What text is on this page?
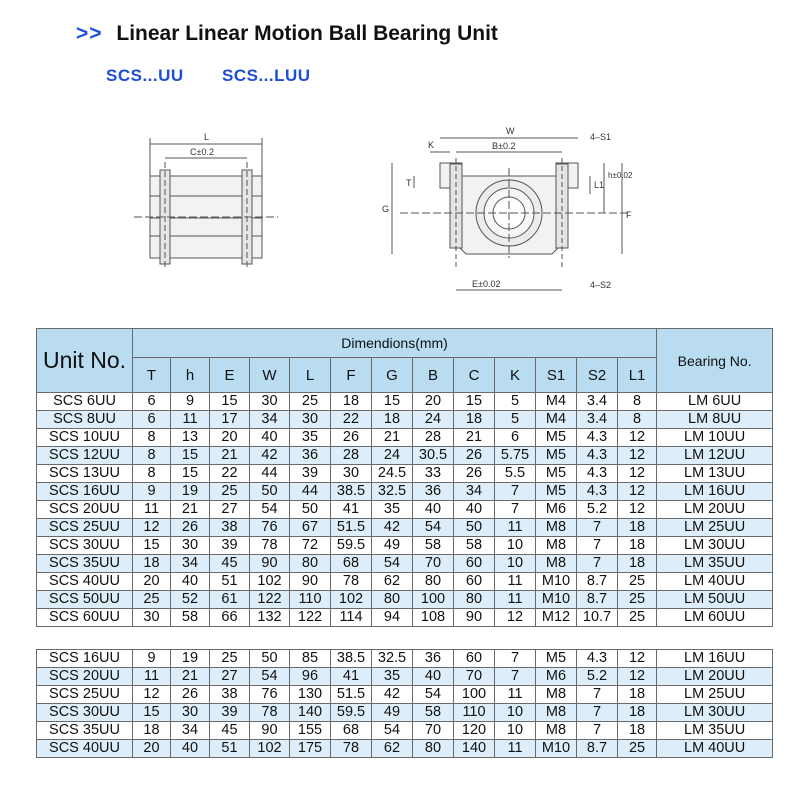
>> Linear Linear Motion Ball Bearing Unit
SCS...UU SCS...LUU
L
C±0.2
W
K	B±0.2
4–S1
T
G
L1
h±0.02
F
E±0.02	4–S2
Unit No.	Dimendions(mm)													Bearing No.
	T	h	E	W	L	F	G	B	C	K	S1	S2	L1	
SCS 6UU	6	9	15	30	25	18	15	20	15	5	M4	3.4	8	LM 6UU
SCS 8UU	6	11	17	34	30	22	18	24	18	5	M4	3.4	8	LM 8UU
SCS 10UU	8	13	20	40	35	26	21	28	21	6	M5	4.3	12	LM 10UU
SCS 12UU	8	15	21	42	36	28	24	30.5	26	5.75	M5	4.3	12	LM 12UU
SCS 13UU	8	15	22	44	39	30	24.5	33	26	5.5	M5	4.3	12	LM 13UU
SCS 16UU	9	19	25	50	44	38.5	32.5	36	34	7	M5	4.3	12	LM 16UU
SCS 20UU	11	21	27	54	50	41	35	40	40	7	M6	5.2	12	LM 20UU
SCS 25UU	12	26	38	76	67	51.5	42	54	50	11	M8	7	18	LM 25UU
SCS 30UU	15	30	39	78	72	59.5	49	58	58	10	M8	7	18	LM 30UU
SCS 35UU	18	34	45	90	80	68	54	70	60	10	M8	7	18	LM 35UU
SCS 40UU	20	40	51	102	90	78	62	80	60	11	M10	8.7	25	LM 40UU
SCS 50UU	25	52	61	122	110	102	80	100	80	11	M10	8.7	25	LM 50UU
SCS 60UU	30	58	66	132	122	114	94	108	90	12	M12	10.7	25	LM 60UU

SCS 16UU	9	19	25	50	85	38.5	32.5	36	60	7	M5	4.3	12	LM 16UU
SCS 20UU	11	21	27	54	96	41	35	40	70	7	M6	5.2	12	LM 20UU
SCS 25UU	12	26	38	76	130	51.5	42	54	100	11	M8	7	18	LM 25UU
SCS 30UU	15	30	39	78	140	59.5	49	58	110	10	M8	7	18	LM 30UU
SCS 35UU	18	34	45	90	155	68	54	70	120	10	M8	7	18	LM 35UU
SCS 40UU	20	40	51	102	175	78	62	80	140	11	M10	8.7	25	LM 40UU
